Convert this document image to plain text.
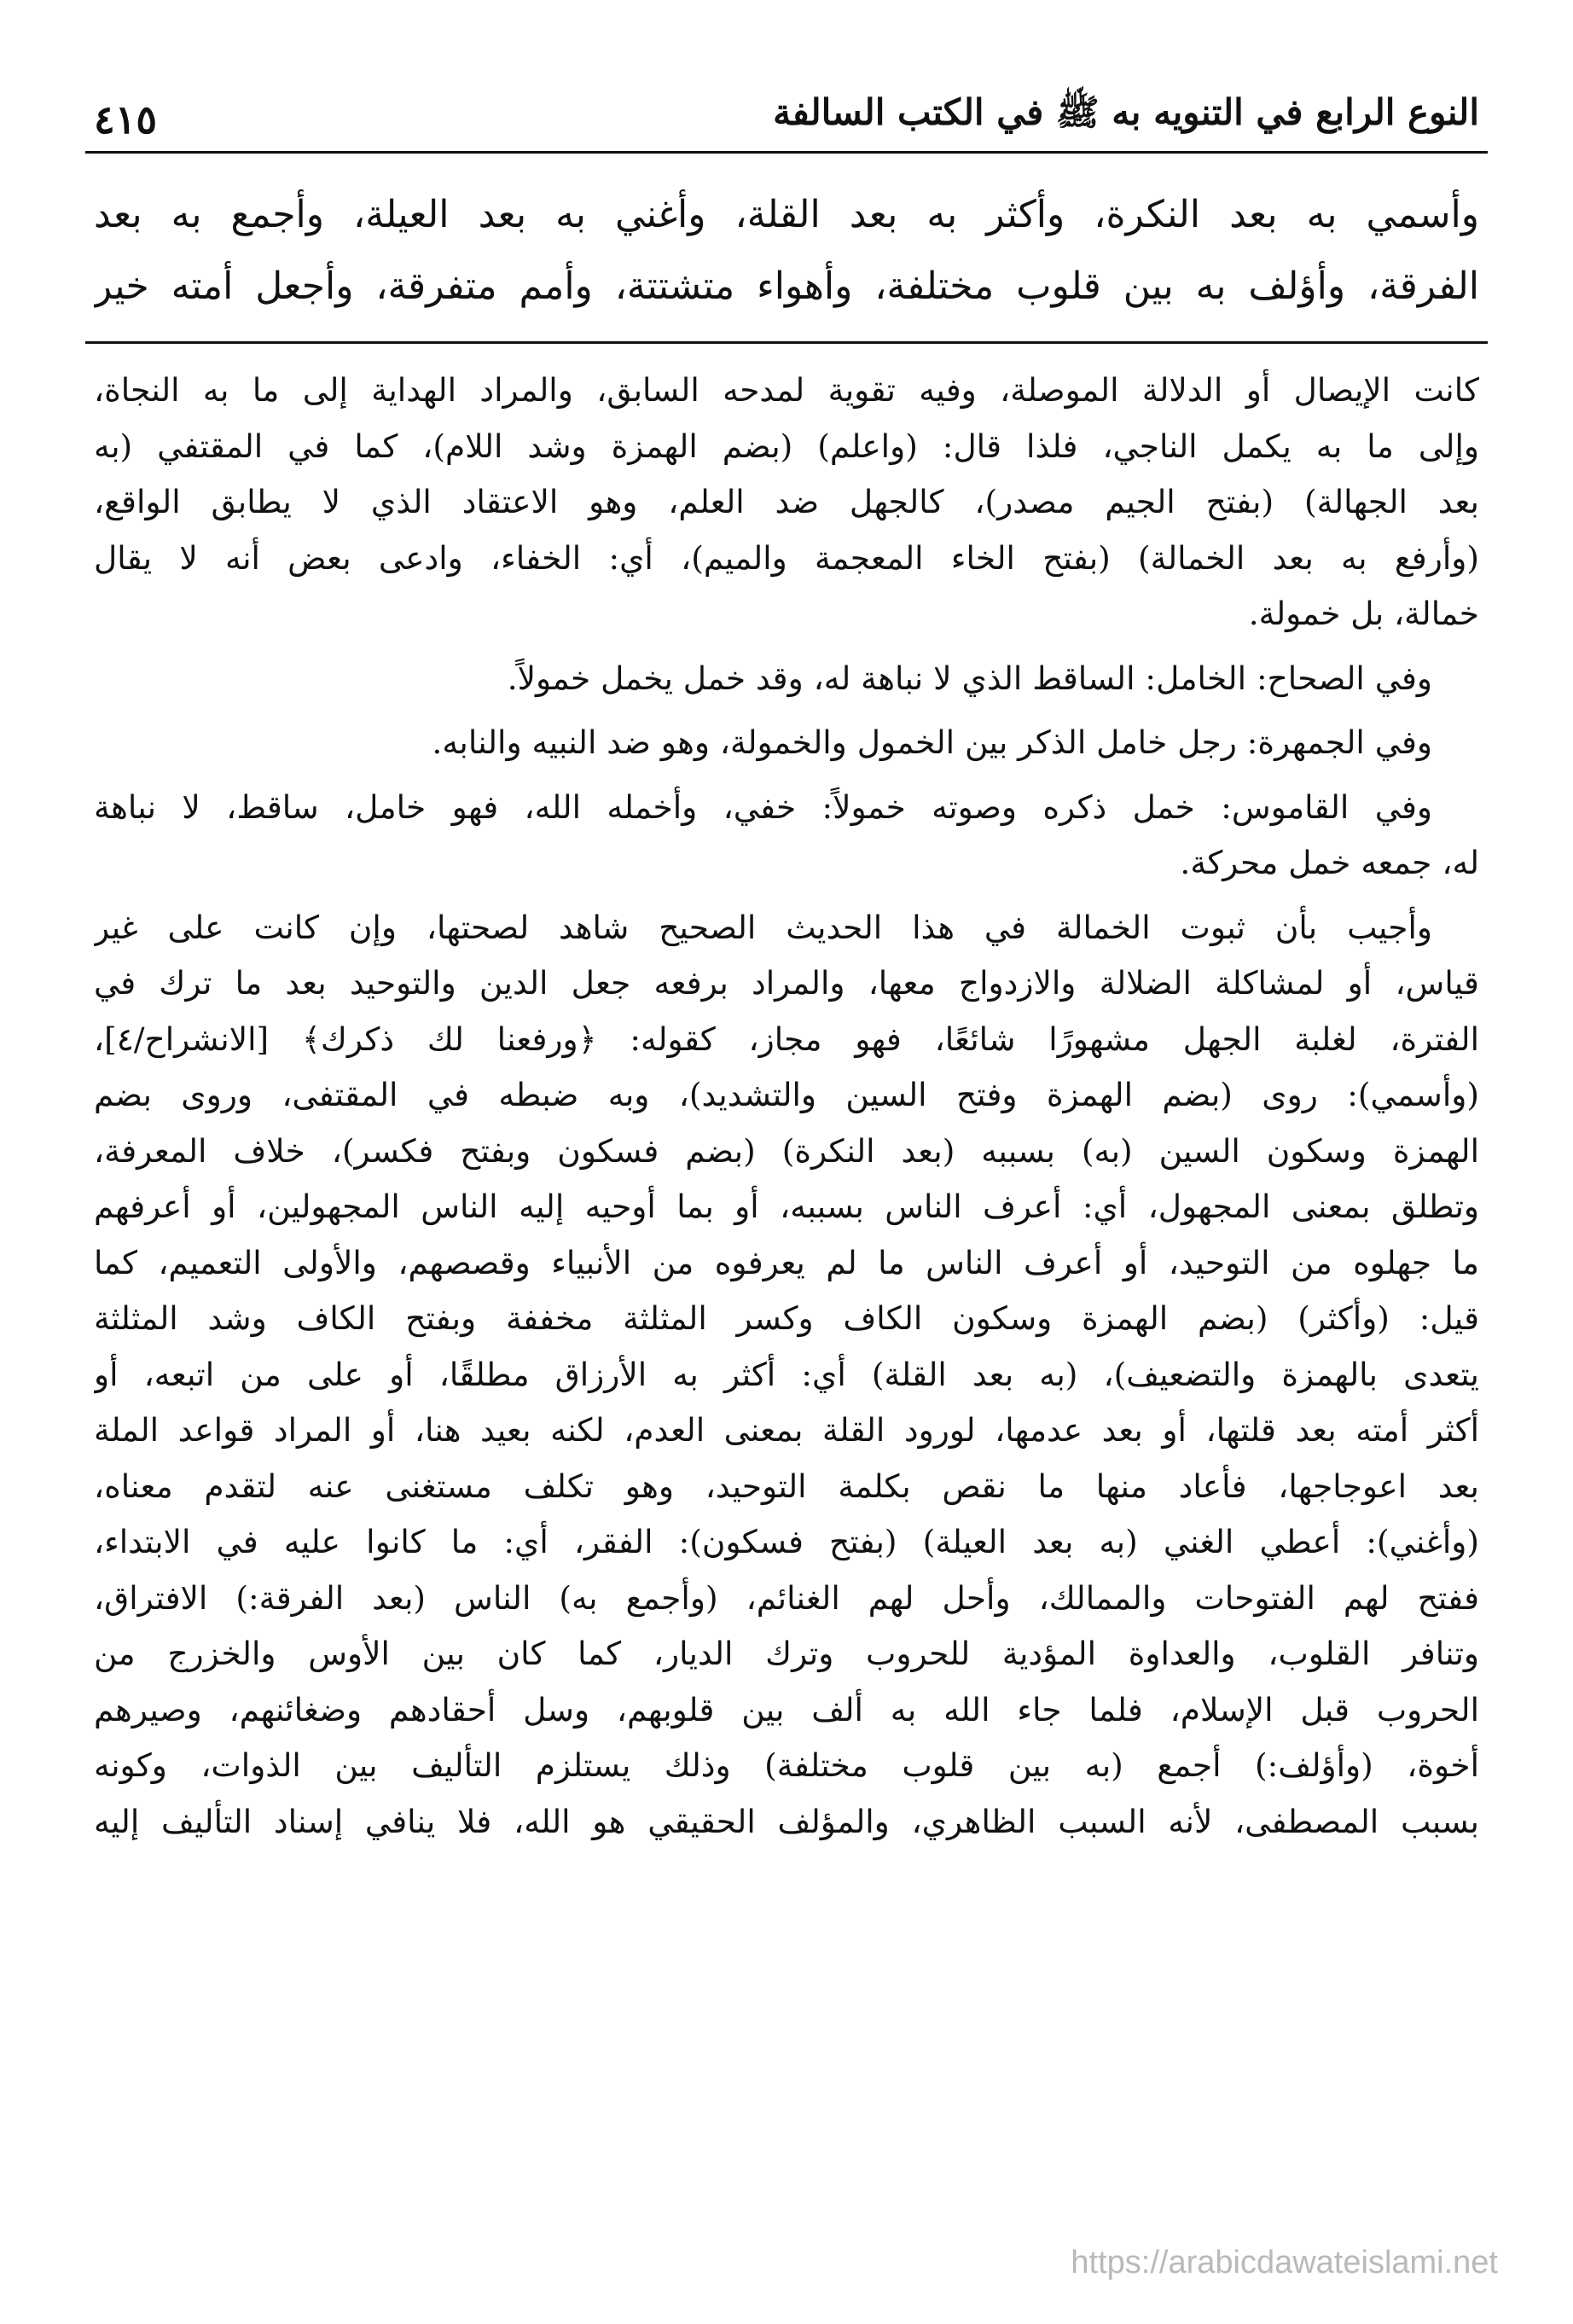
النوع الرابع في التنويه به ﷺ في الكتب السالفة
٤١٥
وأسمي به بعد النكرة، وأكثر به بعد القلة، وأغني به بعد العيلة، وأجمع به بعد
الفرقة، وأؤلف به بين قلوب مختلفة، وأهواء متشتتة، وأمم متفرقة، وأجعل أمته خير
كانت الإيصال أو الدلالة الموصلة، وفيه تقوية لمدحه السابق، والمراد الهداية إلى ما به النجاة،
وإلى ما به يكمل الناجي، فلذا قال: (واعلم) (بضم الهمزة وشد اللام)، كما في المقتفي (به
بعد الجهالة) (بفتح الجيم مصدر)، كالجهل ضد العلم، وهو الاعتقاد الذي لا يطابق الواقع،
(وأرفع به بعد الخمالة) (بفتح الخاء المعجمة والميم)، أي: الخفاء، وادعى بعض أنه لا يقال
خمالة، بل خمولة.
وفي الصحاح: الخامل: الساقط الذي لا نباهة له، وقد خمل يخمل خمولاً.
وفي الجمهرة: رجل خامل الذكر بين الخمول والخمولة، وهو ضد النبيه والنابه.
وفي القاموس: خمل ذكره وصوته خمولاً: خفي، وأخمله الله، فهو خامل، ساقط، لا نباهة
له، جمعه خمل محركة.
وأجيب بأن ثبوت الخمالة في هذا الحديث الصحيح شاهد لصحتها، وإن كانت على غير
قياس، أو لمشاكلة الضلالة والازدواج معها، والمراد برفعه جعل الدين والتوحيد بعد ما ترك في
الفترة، لغلبة الجهل مشهورًا شائعًا، فهو مجاز، كقوله: ﴿ورفعنا لك ذكرك﴾ [الانشراح/٤]،
(وأسمي): روى (بضم الهمزة وفتح السين والتشديد)، وبه ضبطه في المقتفى، وروى بضم
الهمزة وسكون السين (به) بسببه (بعد النكرة) (بضم فسكون وبفتح فكسر)، خلاف المعرفة،
وتطلق بمعنى المجهول، أي: أعرف الناس بسببه، أو بما أوحيه إليه الناس المجهولين، أو أعرفهم
ما جهلوه من التوحيد، أو أعرف الناس ما لم يعرفوه من الأنبياء وقصصهم، والأولى التعميم، كما
قيل: (وأكثر) (بضم الهمزة وسكون الكاف وكسر المثلثة مخففة وبفتح الكاف وشد المثلثة
يتعدى بالهمزة والتضعيف)، (به بعد القلة) أي: أكثر به الأرزاق مطلقًا، أو على من اتبعه، أو
أكثر أمته بعد قلتها، أو بعد عدمها، لورود القلة بمعنى العدم، لكنه بعيد هنا، أو المراد قواعد الملة
بعد اعوجاجها، فأعاد منها ما نقص بكلمة التوحيد، وهو تكلف مستغنى عنه لتقدم معناه،
(وأغني): أعطي الغني (به بعد العيلة) (بفتح فسكون): الفقر، أي: ما كانوا عليه في الابتداء،
ففتح لهم الفتوحات والممالك، وأحل لهم الغنائم، (وأجمع به) الناس (بعد الفرقة:) الافتراق،
وتنافر القلوب، والعداوة المؤدية للحروب وترك الديار، كما كان بين الأوس والخزرج من
الحروب قبل الإسلام، فلما جاء الله به ألف بين قلوبهم، وسل أحقادهم وضغائنهم، وصيرهم
أخوة، (وأؤلف:) أجمع (به بين قلوب مختلفة) وذلك يستلزم التأليف بين الذوات، وكونه
بسبب المصطفى، لأنه السبب الظاهري، والمؤلف الحقيقي هو الله، فلا ينافي إسناد التأليف إليه
https://arabicdawateislami.net
